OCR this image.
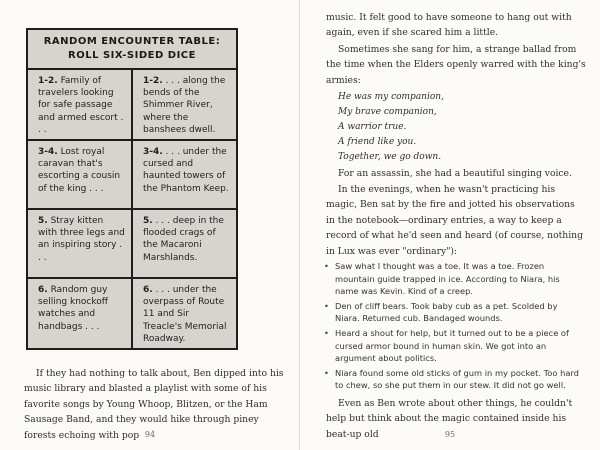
RANDOM ENCOUNTER TABLE:
ROLL SIX-SIDED DICE
1-2. Family of travelers looking for safe passage and armed escort . . .
1-2. . . . along the bends of the Shimmer River, where the banshees dwell.
3-4. Lost royal caravan that's escorting a cousin of the king . . .
3-4. . . . under the cursed and haunted towers of the Phantom Keep.
5. Stray kitten with three legs and an inspiring story . . .
5. . . . deep in the flooded crags of the Macaroni Marshlands.
6. Random guy selling knockoff watches and handbags . . .
6. . . . under the overpass of Route 11 and Sir Treacle's Memorial Roadway.

If they had nothing to talk about, Ben dipped into his music library and blasted a playlist with some of his favorite songs by Young Whoop, Blitzen, or the Ham Sausage Band, and they would hike through piney forests echoing with pop 94

music. It felt good to have someone to hang out with again, even if she scared him a little.

Sometimes she sang for him, a strange ballad from the time when the Elders openly warred with the king's armies:

He was my companion,
My brave companion,
A warrior true.
A friend like you.
Together, we go down.

For an assassin, she had a beautiful singing voice.

In the evenings, when he wasn't practicing his magic, Ben sat by the fire and jotted his observations in the notebook—ordinary entries, a way to keep a record of what he'd seen and heard (of course, nothing in Lux was ever "ordinary"):

• Saw what I thought was a toe. It was a toe. Frozen mountain guide trapped in ice. According to Niara, his name was Kevin. Kind of a creep.
• Den of cliff bears. Took baby cub as a pet. Scolded by Niara. Returned cub. Bandaged wounds.
• Heard a shout for help, but it turned out to be a piece of cursed armor bound in human skin. We got into an argument about politics.
• Niara found some old sticks of gum in my pocket. Too hard to chew, so she put them in our stew. It did not go well.

Even as Ben wrote about other things, he couldn't help but think about the magic contained inside his beat-up old	95
